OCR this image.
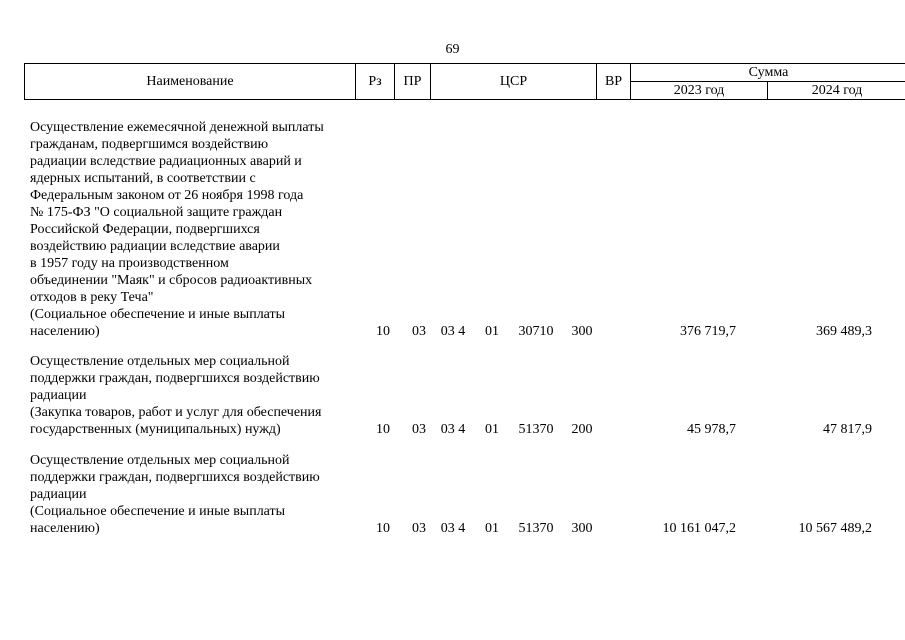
69
Наименование	Рз	ПР	ЦСР	ВР	Сумма	
					2023 год	2024 год
Осуществление ежемесячной денежной выплаты
гражданам, подвергшимся воздействию
радиации вследствие радиационных аварий и
ядерных испытаний, в соответствии с
Федеральным законом от 26 ноября 1998 года
№ 175-ФЗ "О социальной защите граждан
Российской Федерации, подвергшихся
воздействию радиации вследствие аварии
в 1957 году на производственном
объединении "Маяк" и сбросов радиоактивных
отходов в реку Теча"
(Социальное обеспечение и иные выплаты
населению)	10	03	03 4	01	30710	300	376 719,7	369 489,3
Осуществление отдельных мер социальной
поддержки граждан, подвергшихся воздействию
радиации
(Закупка товаров, работ и услуг для обеспечения
государственных (муниципальных) нужд)	10	03	03 4	01	51370	200	45 978,7	47 817,9
Осуществление отдельных мер социальной
поддержки граждан, подвергшихся воздействию
радиации
(Социальное обеспечение и иные выплаты
населению)	10	03	03 4	01	51370	300	10 161 047,2	10 567 489,2
